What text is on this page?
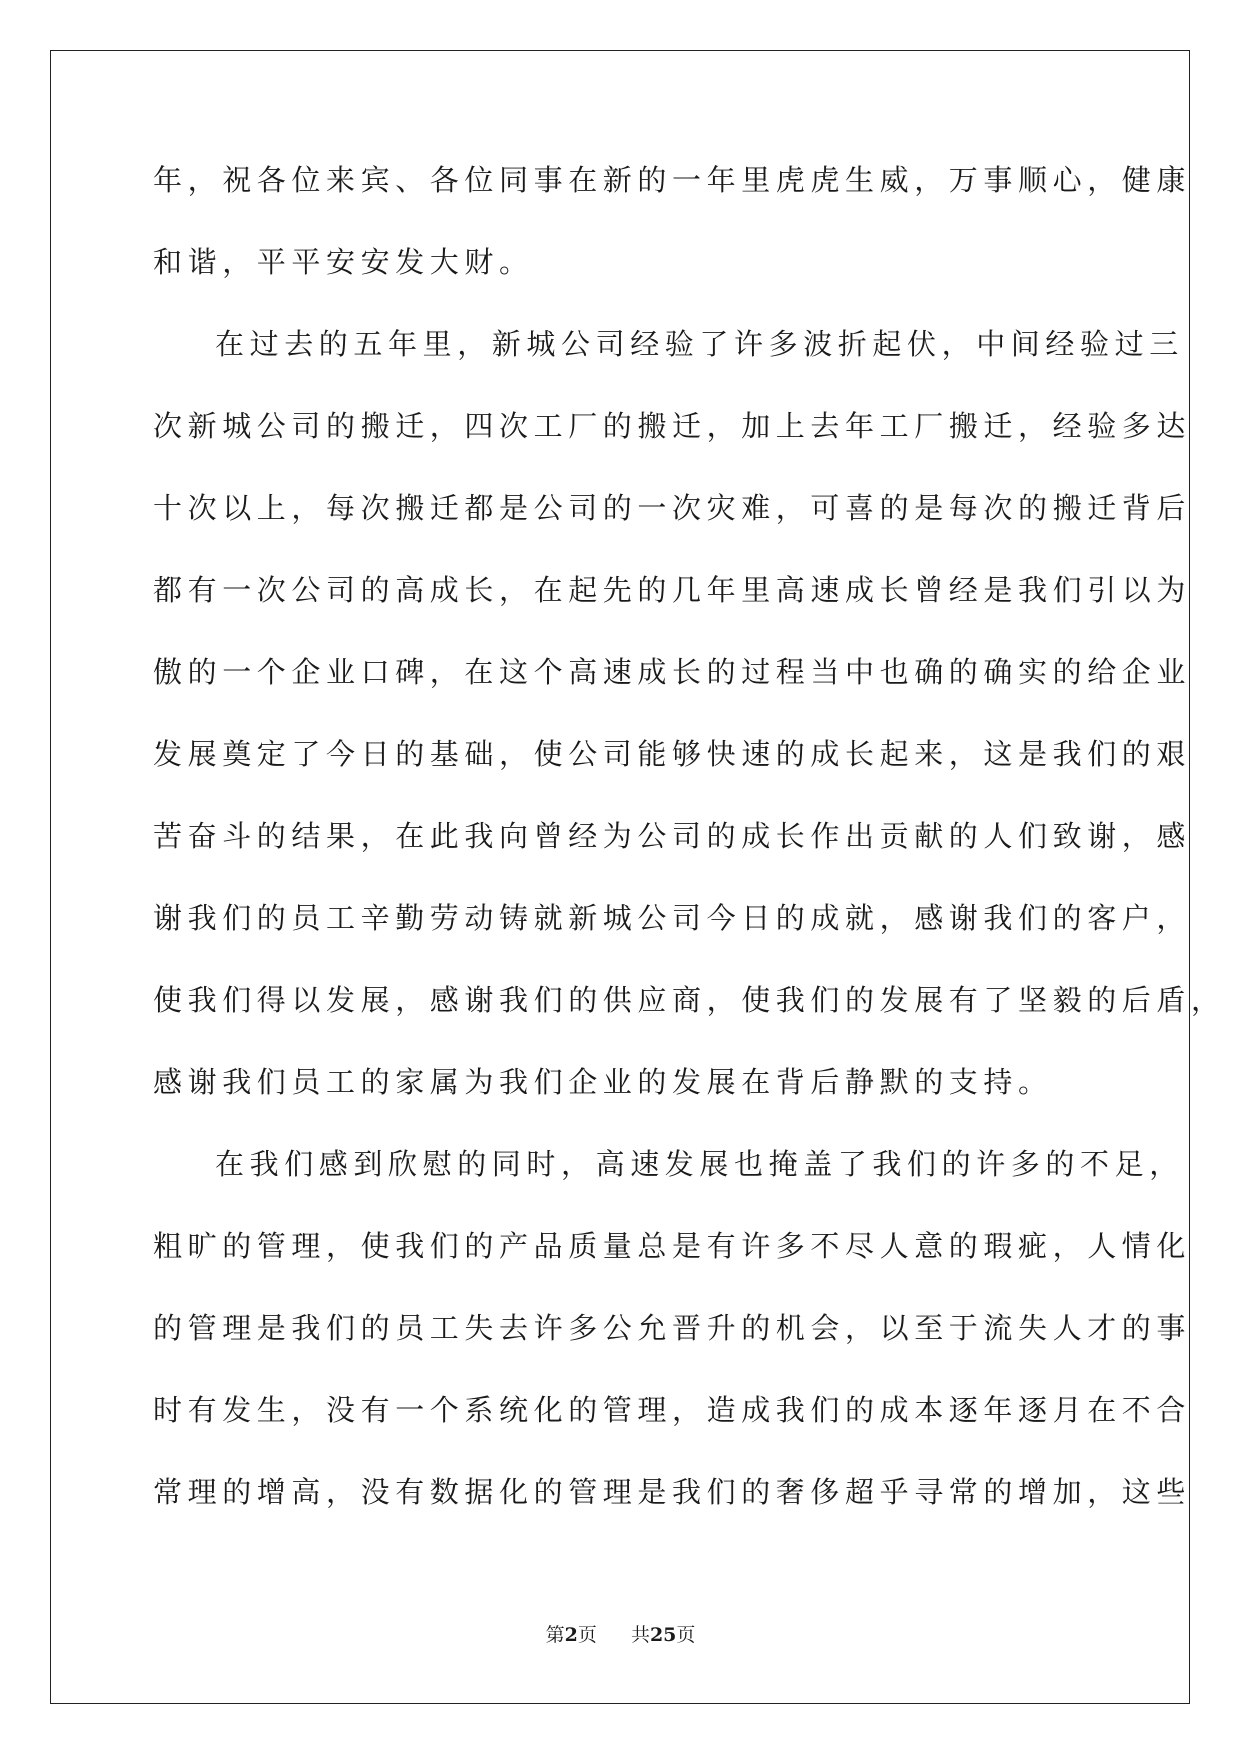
年，祝各位来宾、各位同事在新的一年里虎虎生威，万事顺心，健康
和谐，平平安安发大财。
在过去的五年里，新城公司经验了许多波折起伏，中间经验过三
次新城公司的搬迁，四次工厂的搬迁，加上去年工厂搬迁，经验多达
十次以上，每次搬迁都是公司的一次灾难，可喜的是每次的搬迁背后
都有一次公司的高成长，在起先的几年里高速成长曾经是我们引以为
傲的一个企业口碑，在这个高速成长的过程当中也确的确实的给企业
发展奠定了今日的基础，使公司能够快速的成长起来，这是我们的艰
苦奋斗的结果，在此我向曾经为公司的成长作出贡献的人们致谢，感
谢我们的员工辛勤劳动铸就新城公司今日的成就，感谢我们的客户，
使我们得以发展，感谢我们的供应商，使我们的发展有了坚毅的后盾，
感谢我们员工的家属为我们企业的发展在背后静默的支持。
在我们感到欣慰的同时，高速发展也掩盖了我们的许多的不足，
粗旷的管理，使我们的产品质量总是有许多不尽人意的瑕疵，人情化
的管理是我们的员工失去许多公允晋升的机会，以至于流失人才的事
时有发生，没有一个系统化的管理，造成我们的成本逐年逐月在不合
常理的增高，没有数据化的管理是我们的奢侈超乎寻常的增加，这些
第2页 共25页
